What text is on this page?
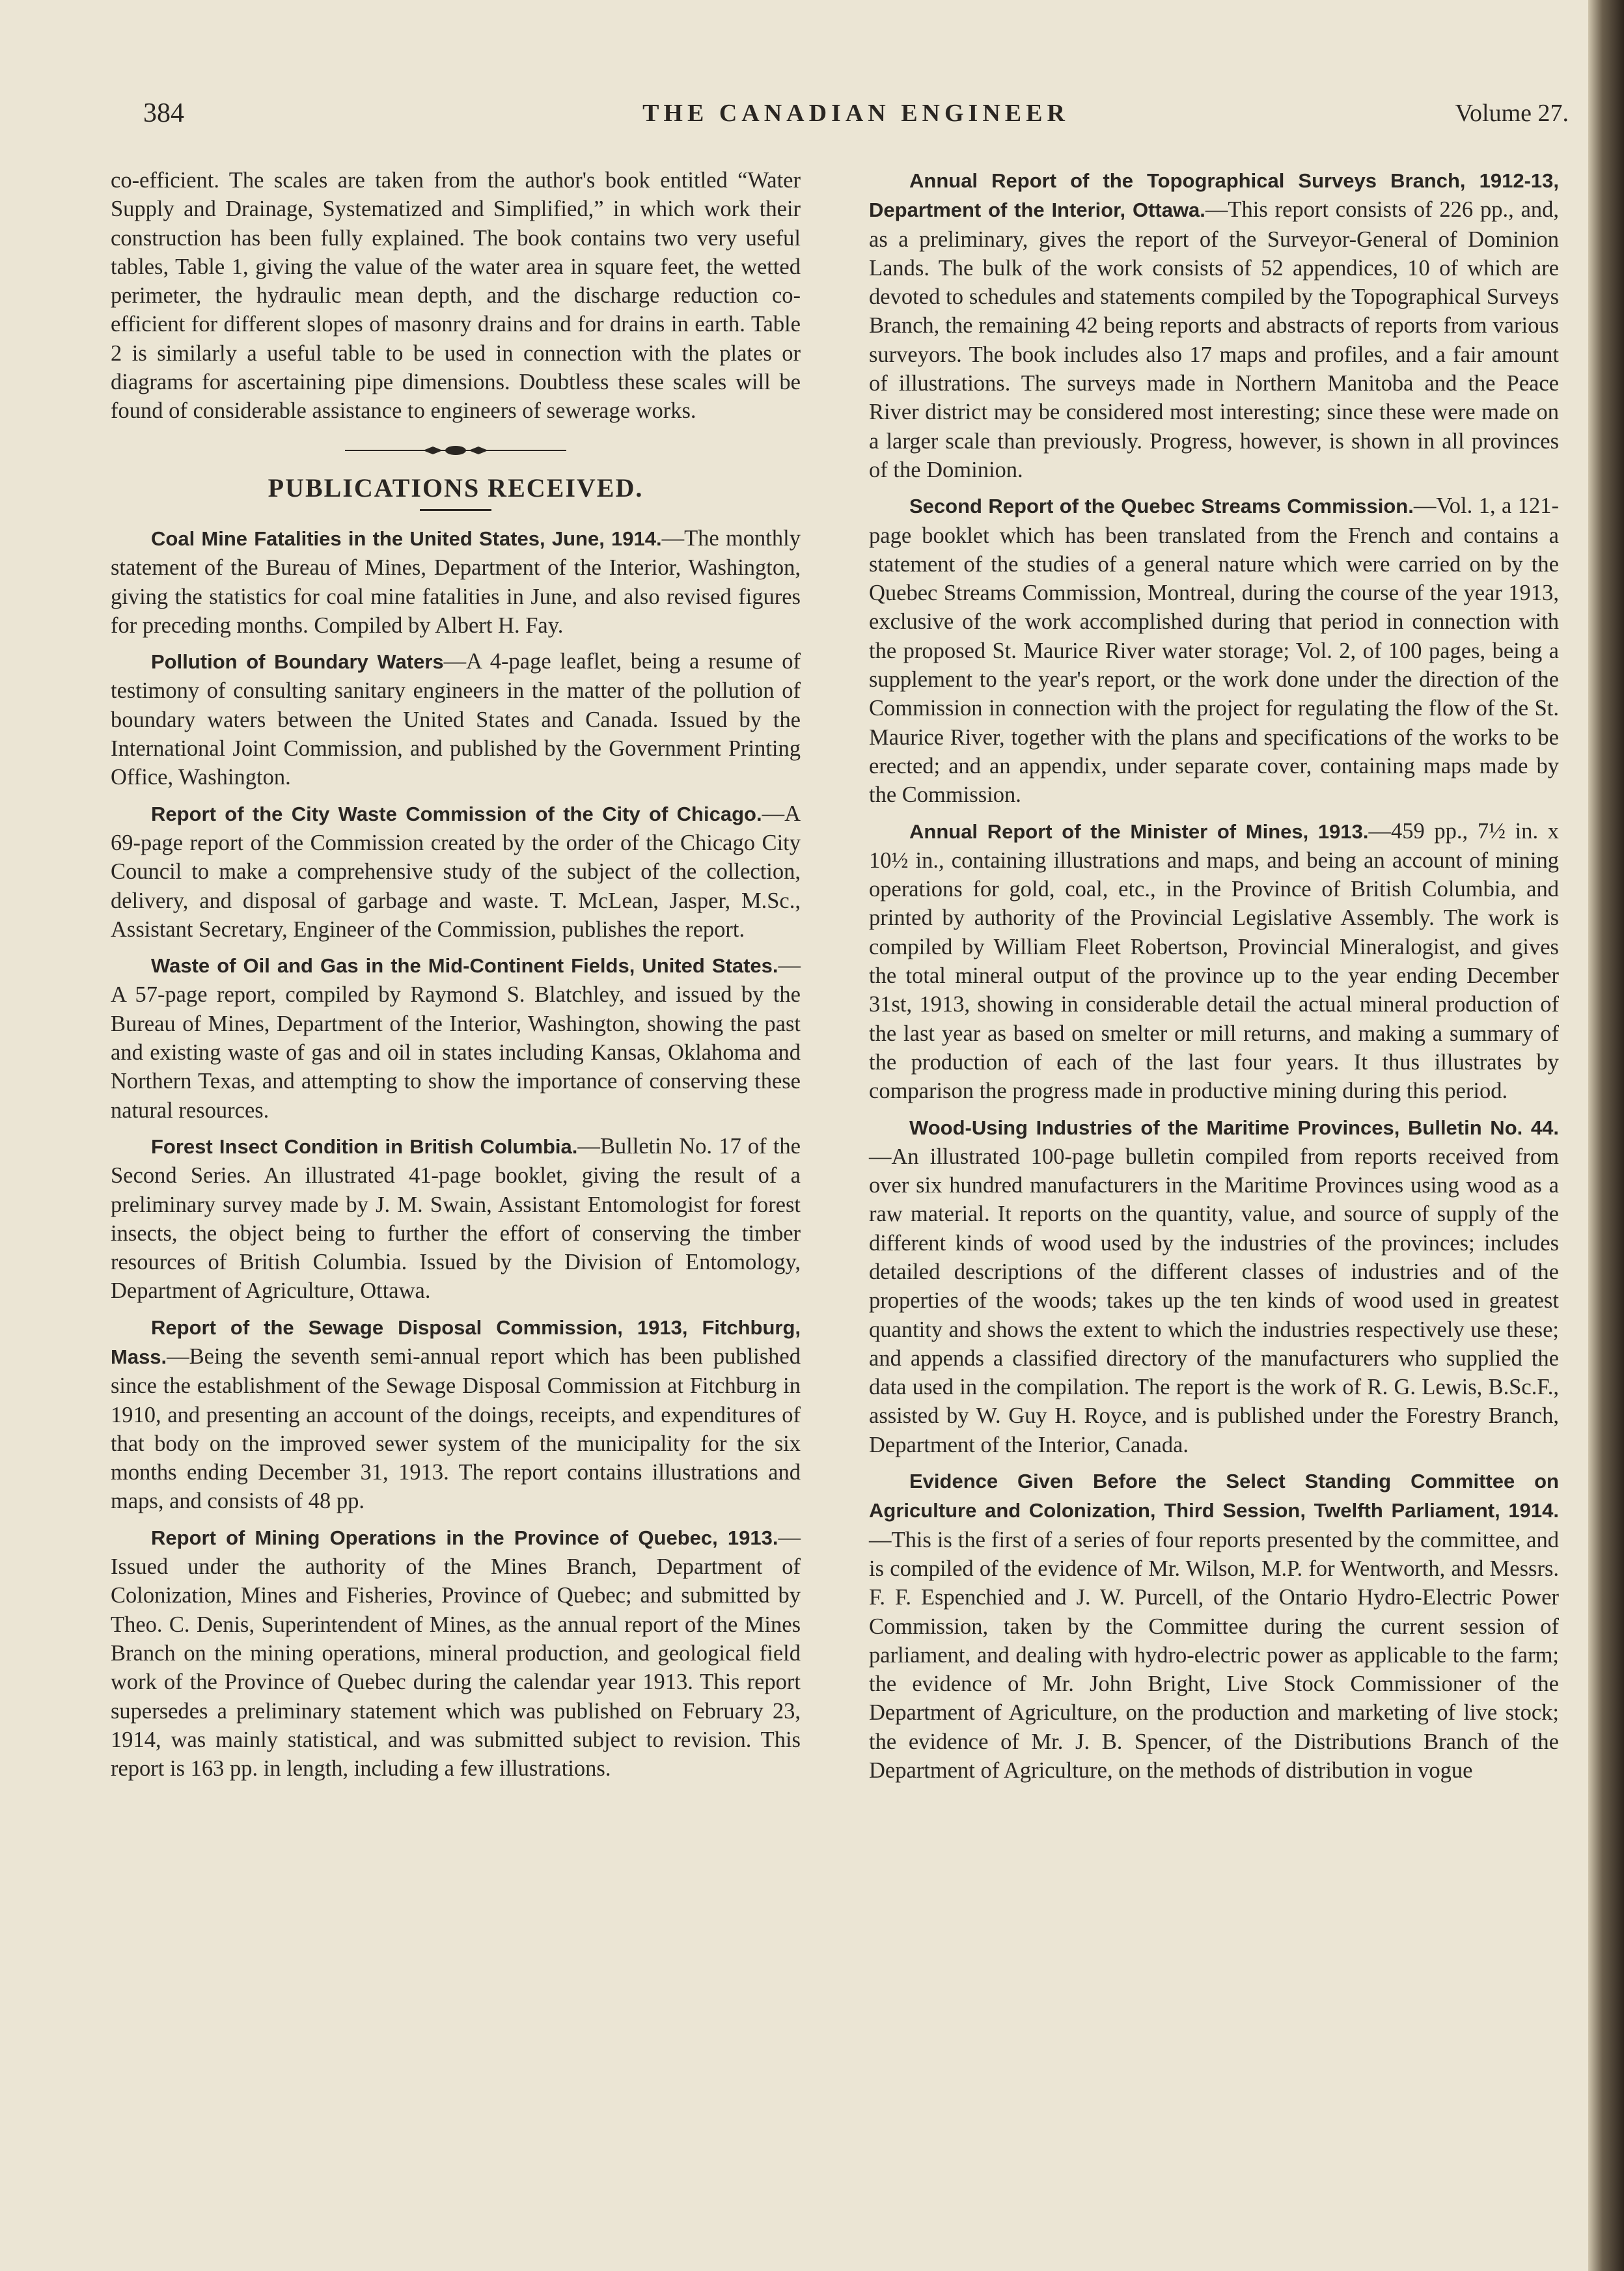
384	THE CANADIAN ENGINEER	Volume 27.

co-efficient. The scales are taken from the author's book entitled “Water Supply and Drainage, Systematized and Simplified,” in which work their construction has been fully explained. The book contains two very useful tables, Table 1, giving the value of the water area in square feet, the wetted perimeter, the hydraulic mean depth, and the discharge reduction co-efficient for different slopes of masonry drains and for drains in earth. Table 2 is similarly a useful table to be used in connection with the plates or diagrams for ascertaining pipe dimensions. Doubtless these scales will be found of considerable assistance to engineers of sewerage works.

PUBLICATIONS RECEIVED.

Coal Mine Fatalities in the United States, June, 1914.—The monthly statement of the Bureau of Mines, Department of the Interior, Washington, giving the statistics for coal mine fatalities in June, and also revised figures for preceding months. Compiled by Albert H. Fay.

Pollution of Boundary Waters—A 4-page leaflet, being a resume of testimony of consulting sanitary engineers in the matter of the pollution of boundary waters between the United States and Canada. Issued by the International Joint Commission, and published by the Government Printing Office, Washington.

Report of the City Waste Commission of the City of Chicago.—A 69-page report of the Commission created by the order of the Chicago City Council to make a comprehensive study of the subject of the collection, delivery, and disposal of garbage and waste. T. McLean, Jasper, M.Sc., Assistant Secretary, Engineer of the Commission, publishes the report.

Waste of Oil and Gas in the Mid-Continent Fields, United States.—A 57-page report, compiled by Raymond S. Blatchley, and issued by the Bureau of Mines, Department of the Interior, Washington, showing the past and existing waste of gas and oil in states including Kansas, Oklahoma and Northern Texas, and attempting to show the importance of conserving these natural resources.

Forest Insect Condition in British Columbia.—Bulletin No. 17 of the Second Series. An illustrated 41-page booklet, giving the result of a preliminary survey made by J. M. Swain, Assistant Entomologist for forest insects, the object being to further the effort of conserving the timber resources of British Columbia. Issued by the Division of Entomology, Department of Agriculture, Ottawa.

Report of the Sewage Disposal Commission, 1913, Fitchburg, Mass.—Being the seventh semi-annual report which has been published since the establishment of the Sewage Disposal Commission at Fitchburg in 1910, and presenting an account of the doings, receipts, and expenditures of that body on the improved sewer system of the municipality for the six months ending December 31, 1913. The report contains illustrations and maps, and consists of 48 pp.

Report of Mining Operations in the Province of Quebec, 1913.—Issued under the authority of the Mines Branch, Department of Colonization, Mines and Fisheries, Province of Quebec; and submitted by Theo. C. Denis, Superintendent of Mines, as the annual report of the Mines Branch on the mining operations, mineral production, and geological field work of the Province of Quebec during the calendar year 1913. This report supersedes a preliminary statement which was published on February 23, 1914, was mainly statistical, and was submitted subject to revision. This report is 163 pp. in length, including a few illustrations.

Annual Report of the Topographical Surveys Branch, 1912-13, Department of the Interior, Ottawa.—This report consists of 226 pp., and, as a preliminary, gives the report of the Surveyor-General of Dominion Lands. The bulk of the work consists of 52 appendices, 10 of which are devoted to schedules and statements compiled by the Topographical Surveys Branch, the remaining 42 being reports and abstracts of reports from various surveyors. The book includes also 17 maps and profiles, and a fair amount of illustrations. The surveys made in Northern Manitoba and the Peace River district may be considered most interesting; since these were made on a larger scale than previously. Progress, however, is shown in all provinces of the Dominion.

Second Report of the Quebec Streams Commission.—Vol. 1, a 121-page booklet which has been translated from the French and contains a statement of the studies of a general nature which were carried on by the Quebec Streams Commission, Montreal, during the course of the year 1913, exclusive of the work accomplished during that period in connection with the proposed St. Maurice River water storage; Vol. 2, of 100 pages, being a supplement to the year's report, or the work done under the direction of the Commission in connection with the project for regulating the flow of the St. Maurice River, together with the plans and specifications of the works to be erected; and an appendix, under separate cover, containing maps made by the Commission.

Annual Report of the Minister of Mines, 1913.—459 pp., 7½ in. x 10½ in., containing illustrations and maps, and being an account of mining operations for gold, coal, etc., in the Province of British Columbia, and printed by authority of the Provincial Legislative Assembly. The work is compiled by William Fleet Robertson, Provincial Mineralogist, and gives the total mineral output of the province up to the year ending December 31st, 1913, showing in considerable detail the actual mineral production of the last year as based on smelter or mill returns, and making a summary of the production of each of the last four years. It thus illustrates by comparison the progress made in productive mining during this period.

Wood-Using Industries of the Maritime Provinces, Bulletin No. 44.—An illustrated 100-page bulletin compiled from reports received from over six hundred manufacturers in the Maritime Provinces using wood as a raw material. It reports on the quantity, value, and source of supply of the different kinds of wood used by the industries of the provinces; includes detailed descriptions of the different classes of industries and of the properties of the woods; takes up the ten kinds of wood used in greatest quantity and shows the extent to which the industries respectively use these; and appends a classified directory of the manufacturers who supplied the data used in the compilation. The report is the work of R. G. Lewis, B.Sc.F., assisted by W. Guy H. Royce, and is published under the Forestry Branch, Department of the Interior, Canada.

Evidence Given Before the Select Standing Committee on Agriculture and Colonization, Third Session, Twelfth Parliament, 1914.—This is the first of a series of four reports presented by the committee, and is compiled of the evidence of Mr. Wilson, M.P. for Wentworth, and Messrs. F. F. Espenchied and J. W. Purcell, of the Ontario Hydro-Electric Power Commission, taken by the Committee during the current session of parliament, and dealing with hydro-electric power as applicable to the farm; the evidence of Mr. John Bright, Live Stock Commissioner of the Department of Agriculture, on the production and marketing of live stock; the evidence of Mr. J. B. Spencer, of the Distributions Branch of the Department of Agriculture, on the methods of distribution in vogue
